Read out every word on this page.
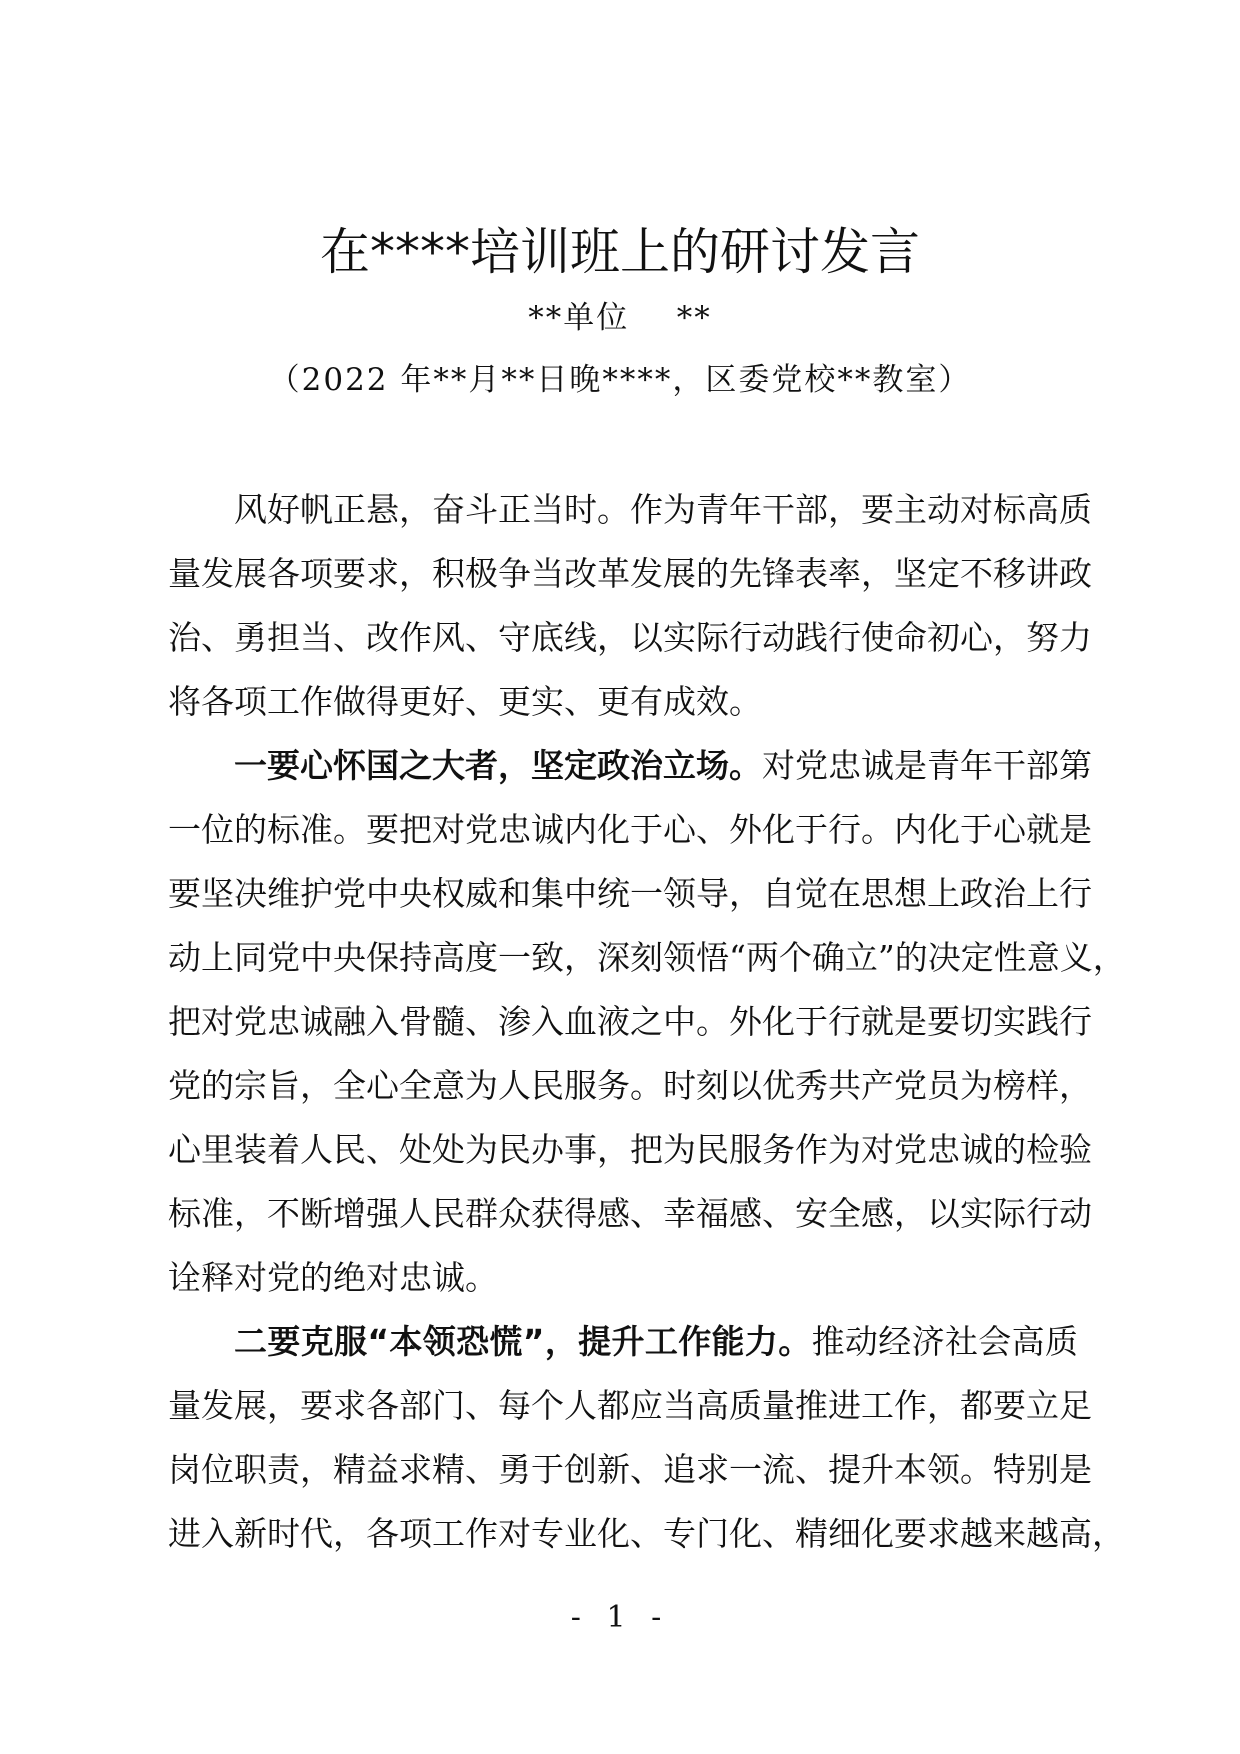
在****培训班上的研讨发言
**单位    **
（2022 年**月**日晚****，区委党校**教室）
风好帆正悬，奋斗正当时。作为青年干部，要主动对标高质
量发展各项要求，积极争当改革发展的先锋表率，坚定不移讲政
治、勇担当、改作风、守底线，以实际行动践行使命初心，努力
将各项工作做得更好、更实、更有成效。
一要心怀国之大者，坚定政治立场。对党忠诚是青年干部第
一位的标准。要把对党忠诚内化于心、外化于行。内化于心就是
要坚决维护党中央权威和集中统一领导，自觉在思想上政治上行
动上同党中央保持高度一致，深刻领悟“两个确立”的决定性意义，
把对党忠诚融入骨髓、渗入血液之中。外化于行就是要切实践行
党的宗旨，全心全意为人民服务。时刻以优秀共产党员为榜样，
心里装着人民、处处为民办事，把为民服务作为对党忠诚的检验
标准，不断增强人民群众获得感、幸福感、安全感，以实际行动
诠释对党的绝对忠诚。
二要克服“本领恐慌”，提升工作能力。推动经济社会高质
量发展，要求各部门、每个人都应当高质量推进工作，都要立足
岗位职责，精益求精、勇于创新、追求一流、提升本领。特别是
进入新时代，各项工作对专业化、专门化、精细化要求越来越高，
- 1 -
